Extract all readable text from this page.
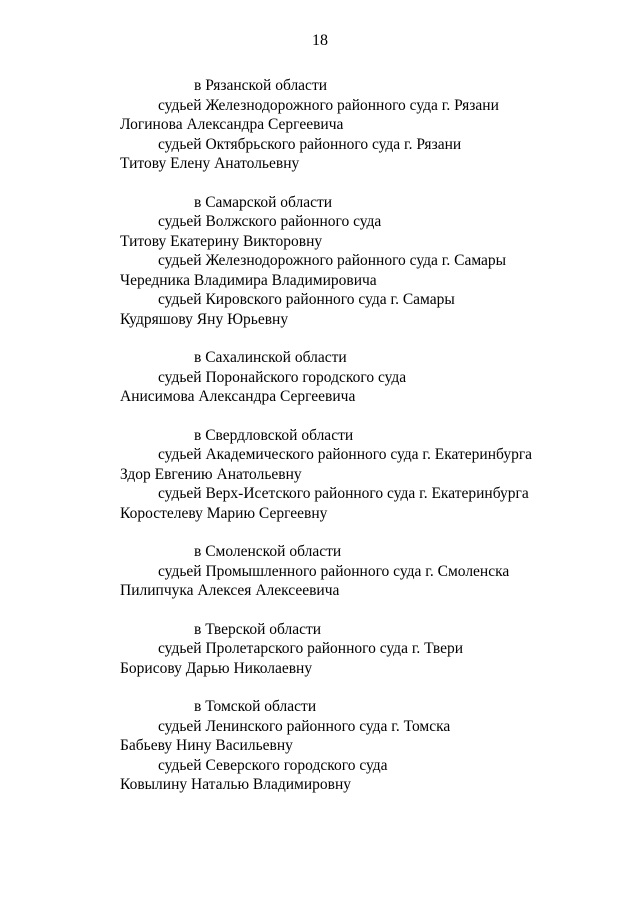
18
в Рязанской области
судьей Железнодорожного районного суда г. Рязани
Логинова Александра Сергеевича
судьей Октябрьского районного суда г. Рязани
Титову Елену Анатольевну
в Самарской области
судьей Волжского районного суда
Титову Екатерину Викторовну
судьей Железнодорожного районного суда г. Самары
Чередника Владимира Владимировича
судьей Кировского районного суда г. Самары
Кудряшову Яну Юрьевну
в Сахалинской области
судьей Поронайского городского суда
Анисимова Александра Сергеевича
в Свердловской области
судьей Академического районного суда г. Екатеринбурга
Здор Евгению Анатольевну
судьей Верх-Исетского районного суда г. Екатеринбурга
Коростелеву Марию Сергеевну
в Смоленской области
судьей Промышленного районного суда г. Смоленска
Пилипчука Алексея Алексеевича
в Тверской области
судьей Пролетарского районного суда г. Твери
Борисову Дарью Николаевну
в Томской области
судьей Ленинского районного суда г. Томска
Бабьеву Нину Васильевну
судьей Северского городского суда
Ковылину Наталью Владимировну
